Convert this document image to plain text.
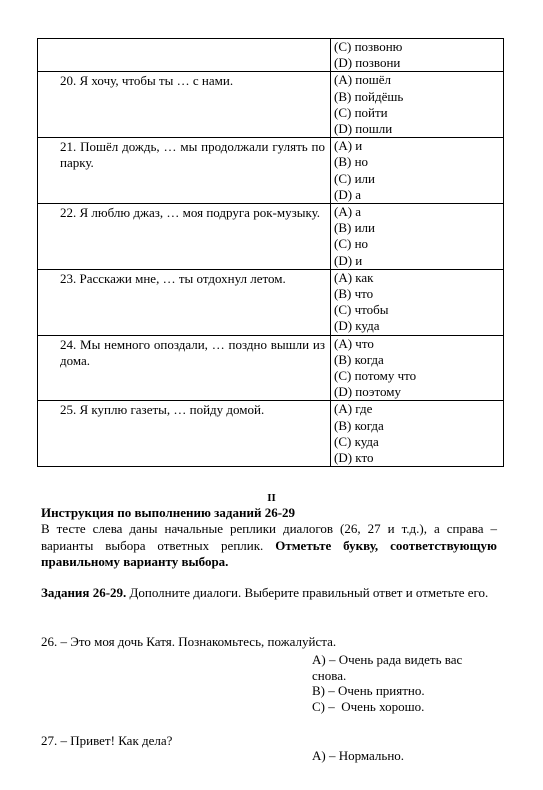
	(C) позвоню
(D) позвони

20. Я хочу, чтобы ты … с нами.	(A) пошёл
(B) пойдёшь
(C) пойти
(D) пошли

21. Пошёл дождь, … мы продолжали гулять по парку.	(A) и
(B) но
(C) или
(D) а

22. Я люблю джаз, … моя подруга рок-музыку.	(A) а
(B) или
(C) но
(D) и

23. Расскажи мне, … ты отдохнул летом.	(A) как
(B) что
(C) чтобы
(D) куда

24. Мы немного опоздали, … поздно вышли из дома.	(A) что
(B) когда
(C) потому что
(D) поэтому

25. Я куплю газеты, … пойду домой.	(A) где
(B) когда
(C) куда
(D) кто
II
Инструкция по выполнению заданий 26-29
В тесте слева даны начальные реплики диалогов (26, 27 и т.д.), а справа – варианты выбора ответных реплик. Отметьте букву, соответствующую правильному варианту выбора.
Задания 26-29. Дополните диалоги. Выберите правильный ответ и отметьте его.
26. – Это моя дочь Катя. Познакомьтесь, пожалуйста.
А) – Очень рада видеть вас снова.
В) – Очень приятно.
С) –  Очень хорошо.
27. – Привет! Как дела?
А) – Нормально.
